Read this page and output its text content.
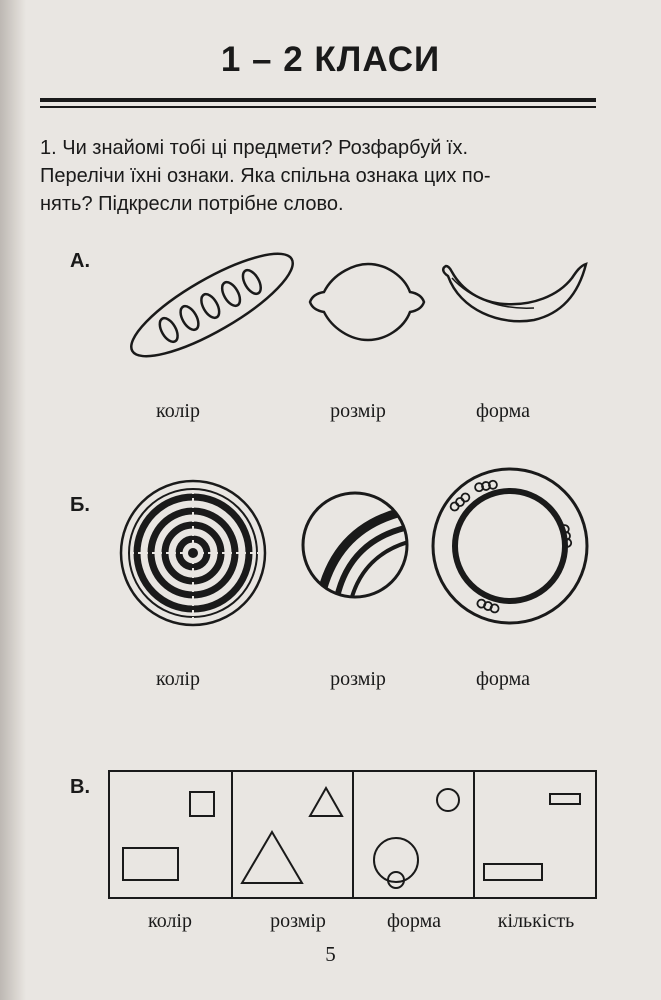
1 – 2 КЛАСИ
1. Чи знайомі тобі ці предмети? Розфарбуй їх.
Перелічи їхні ознаки. Яка спільна ознака цих по-
нять? Підкресли потрібне слово.
А.
колір	розмір	форма
Б.
колір	розмір	форма
В.
колір	розмір	форма	кількість
5
